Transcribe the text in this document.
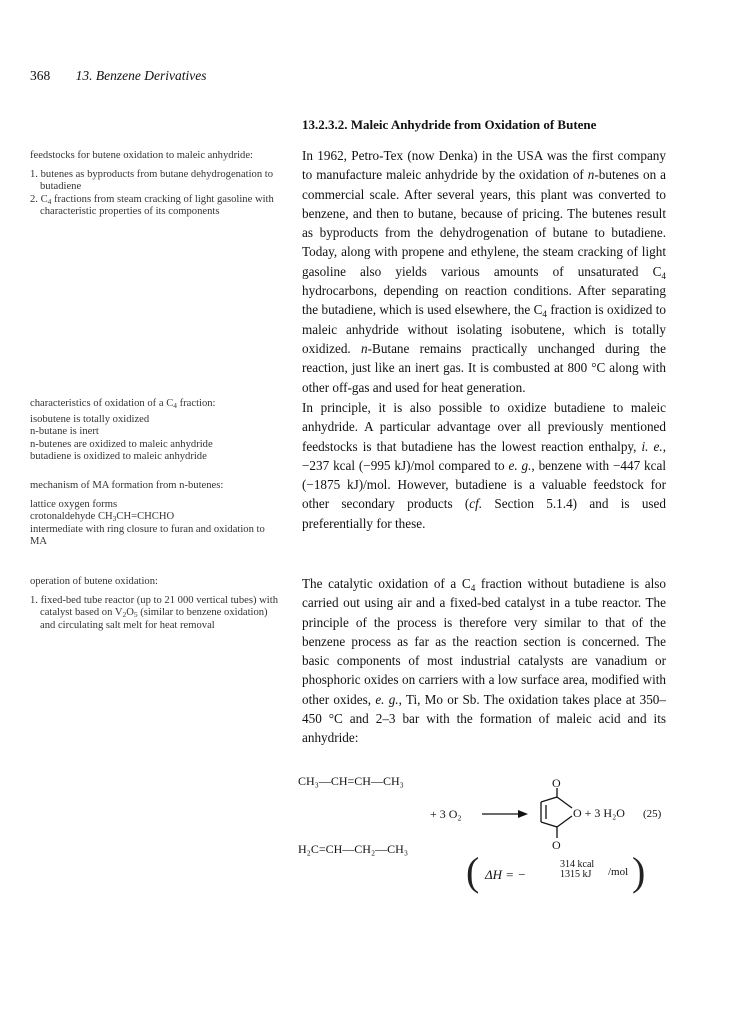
368 13. Benzene Derivatives
13.2.3.2. Maleic Anhydride from Oxidation of Butene

feedstocks for butene oxidation to maleic anhydride:

1. butenes as byproducts from butane dehydrogenation to butadiene

2. $C_4$ fractions from steam cracking of light gasoline with characteristic properties of its components

characteristics of oxidation of a $C_4$ fraction:

isobutene is totally oxidized

n-butane is inert

n-butenes are oxidized to maleic anhydride

butadiene is oxidized to maleic anhydride

mechanism of MA formation from n-butenes:

lattice oxygen forms

crotonaldehyde $CH_3CH=CHCHO$

intermediate with ring closure to furan and oxidation to MA

operation of butene oxidation:

1. fixed-bed tube reactor (up to 21 000 vertical tubes) with catalyst based on $V_2O_5$ (similar to benzene oxidation) and circulating salt melt for heat removal

In 1962, Petro-Tex (now Denka) in the USA was the first company to manufacture maleic anhydride by the oxidation of n-butenes on a commercial scale. After several years, this plant was converted to benzene, and then to butane, because of pricing. The butenes result as byproducts from the dehydrogenation of butane to butadiene. Today, along with propene and ethylene, the steam cracking of light gasoline also yields various amounts of unsaturated $C_4$ hydrocarbons, depending on reaction conditions. After separating the butadiene, which is used elsewhere, the $C_4$ fraction is oxidized to maleic anhydride without isolating isobutene, which is totally oxidized. n-Butane remains practically unchanged during the reaction, just like an inert gas. It is combusted at 800 °C along with other off-gas and used for heat generation.

In principle, it is also possible to oxidize butadiene to maleic anhydride. A particular advantage over all previously mentioned feedstocks is that butadiene has the lowest reaction enthalpy, i. e., −237 kcal (−995 kJ)/mol compared to e. g., benzene with −447 kcal (−1875 kJ)/mol. However, butadiene is a valuable feedstock for other secondary products (cf. Section 5.1.4) and is used preferentially for these.

The catalytic oxidation of a $C_4$ fraction without butadiene is also carried out using air and a fixed-bed catalyst in a tube reactor. The principle of the process is therefore very similar to that of the benzene process as far as the reaction section is concerned. The basic components of most industrial catalysts are vanadium or phosphoric oxides on carriers with a low surface area, modified with other oxides, e. g., Ti, Mo or Sb. The oxidation takes place at 350–450 °C and 2–3 bar with the formation of maleic acid and its anhydride:

CH₃—CH=CH—CH₃
H₂C=CH—CH₂—CH₃
+ 3 O₂ →
O
O + 3 H₂O
O
(25)
( ΔH = −
314 kcal
1315 kJ /mol )
